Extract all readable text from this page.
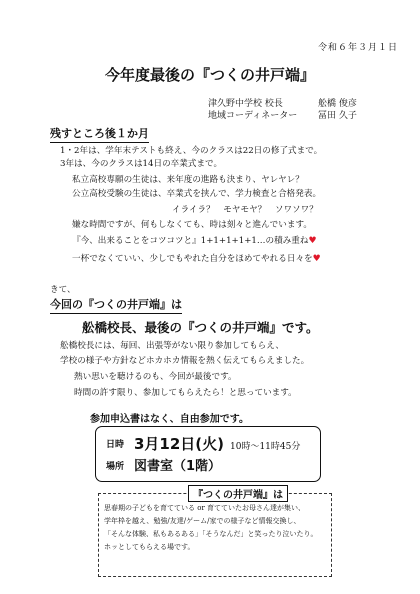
令和６年３月１日
今年度最後の『つくの井戸端』
津久野中学校 校長	舩橋 俊彦
地域コーディネーター 冨田 久子
残すところ後１か月
1・2年は、学年末テストも終え、今のクラスは22日の修了式まで。
3年は、今のクラスは14日の卒業式まで。
私立高校専願の生徒は、来年度の進路も決まり、ヤレヤレ？
公立高校受験の生徒は、卒業式を挟んで、学力検査と合格発表。
イライラ？　モヤモヤ？　ソワソワ？
嫌な時間ですが、何もしなくても、時は刻々と進んでいます。
『今、出来ることをコツコツと』1+1+1+1+1…の積み重ね♥
一杯でなくていい、少しでもやれた自分をほめてやれる日々を♥
きて、
今回の『つくの井戸端』は
舩橋校長、最後の『つくの井戸端』です。
舩橋校長には、毎回、出張等がない限り参加してもらえ、
学校の様子や方針などホカホカ情報を熱く伝えてもらえました。
熱い思いを聴けるのも、今回が最後です。
時間の許す限り、参加してもらえたら！と思っています。
参加申込書はなく、自由参加です。
日時 3月12日(火) 10時～11時45分
場所 図書室（1階）
『つくの井戸端』は
思春期の子どもを育てている or 育てていたお母さん達が集い、
学年枠を越え、勉強/友達/ゲーム/家での様子など情報交換し、
「そんな体験、私もあるある」「そうなんだ」と笑ったり泣いたり。
ホッとしてもらえる場です。
